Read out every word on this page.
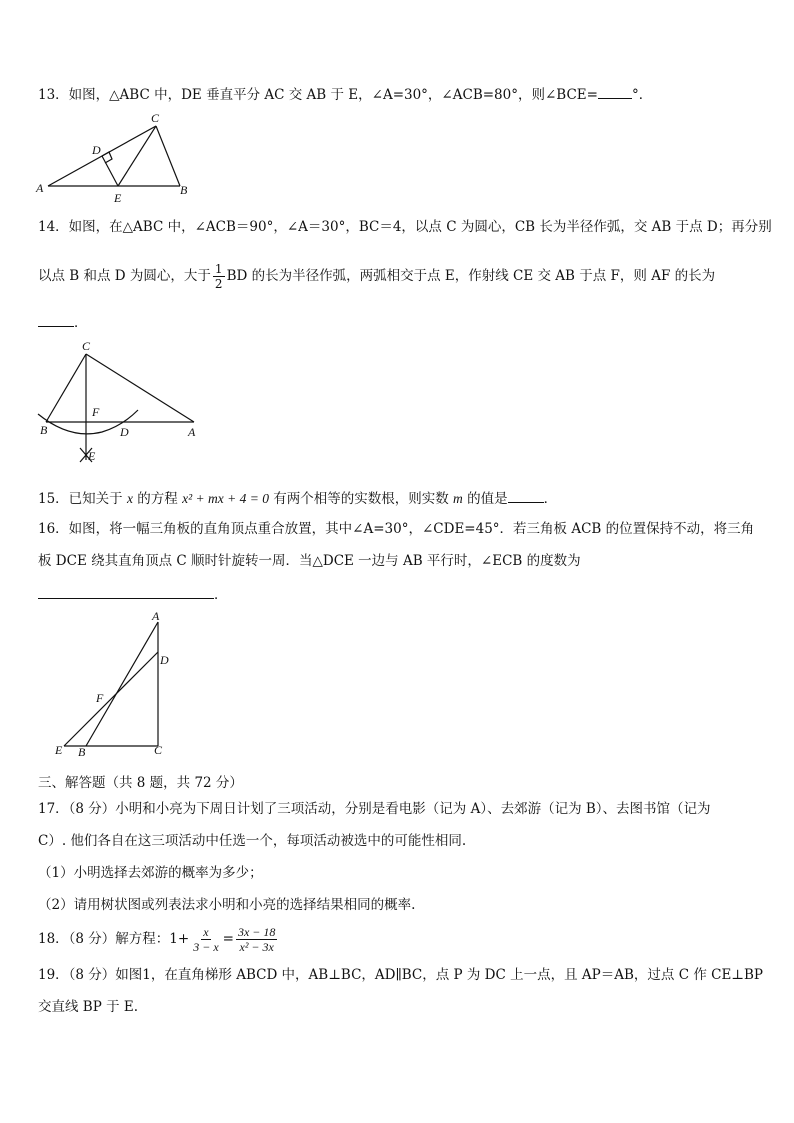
13．如图，△ABC 中，DE 垂直平分 AC 交 AB 于 E，∠A=30°，∠ACB=80°，则∠BCE=	°．
A	B
C
D
E
14．如图，在△ABC 中，∠ACB＝90°，∠A＝30°，BC＝4，以点 C 为圆心，CB 长为半径作弧，交 AB 于点 D；再分别
以点 B 和点 D 为圆心，大于 $\frac{1}{2}$ BD 的长为半径作弧，两弧相交于点 E，作射线 CE 交 AB 于点 F，则 AF 的长为
．
C
F
B	D	A
E
15．已知关于 x 的方程 x² + mx + 4 = 0 有两个相等的实数根，则实数 m 的值是	．
16．如图，将一幅三角板的直角顶点重合放置，其中∠A=30°，∠CDE=45°．若三角板 ACB 的位置保持不动，将三角
板 DCE 绕其直角顶点 C 顺时针旋转一周．当△DCE 一边与 AB 平行时，∠ECB 的度数为
．
A
D
F
E B	C
三、解答题（共 8 题，共 72 分）
17．（8 分）小明和小亮为下周日计划了三项活动，分别是看电影（记为 A）、去郊游（记为 B）、去图书馆（记为
C）. 他们各自在这三项活动中任选一个，每项活动被选中的可能性相同.
（1）小明选择去郊游的概率为多少；
（2）请用树状图或列表法求小明和小亮的选择结果相同的概率.
18．（8 分）解方程：$1+ \frac{x}{3 - x} = \frac{3x - 18}{\text{x² − 3x}}$
19．（8 分）如图1，在直角梯形 ABCD 中，AB⊥BC，AD∥BC，点 P 为 DC 上一点，且 AP＝AB，过点 C 作 CE⊥BP
交直线 BP 于 E.
